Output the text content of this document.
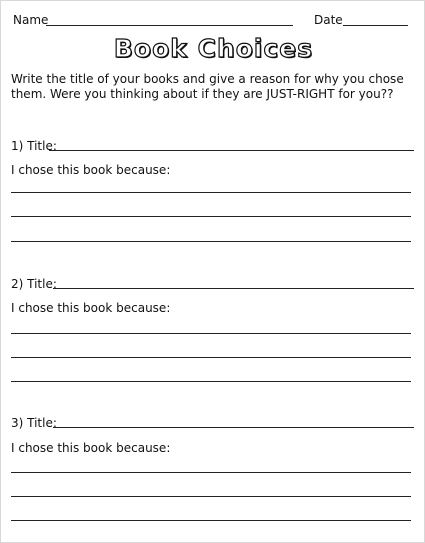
Name	Date
Book Choices
Write the title of your books and give a reason for why you chose them. Were you thinking about if they are JUST-RIGHT for you??
1) Title:
I chose this book because:
2) Title:
I chose this book because:
3) Title:
I chose this book because:
